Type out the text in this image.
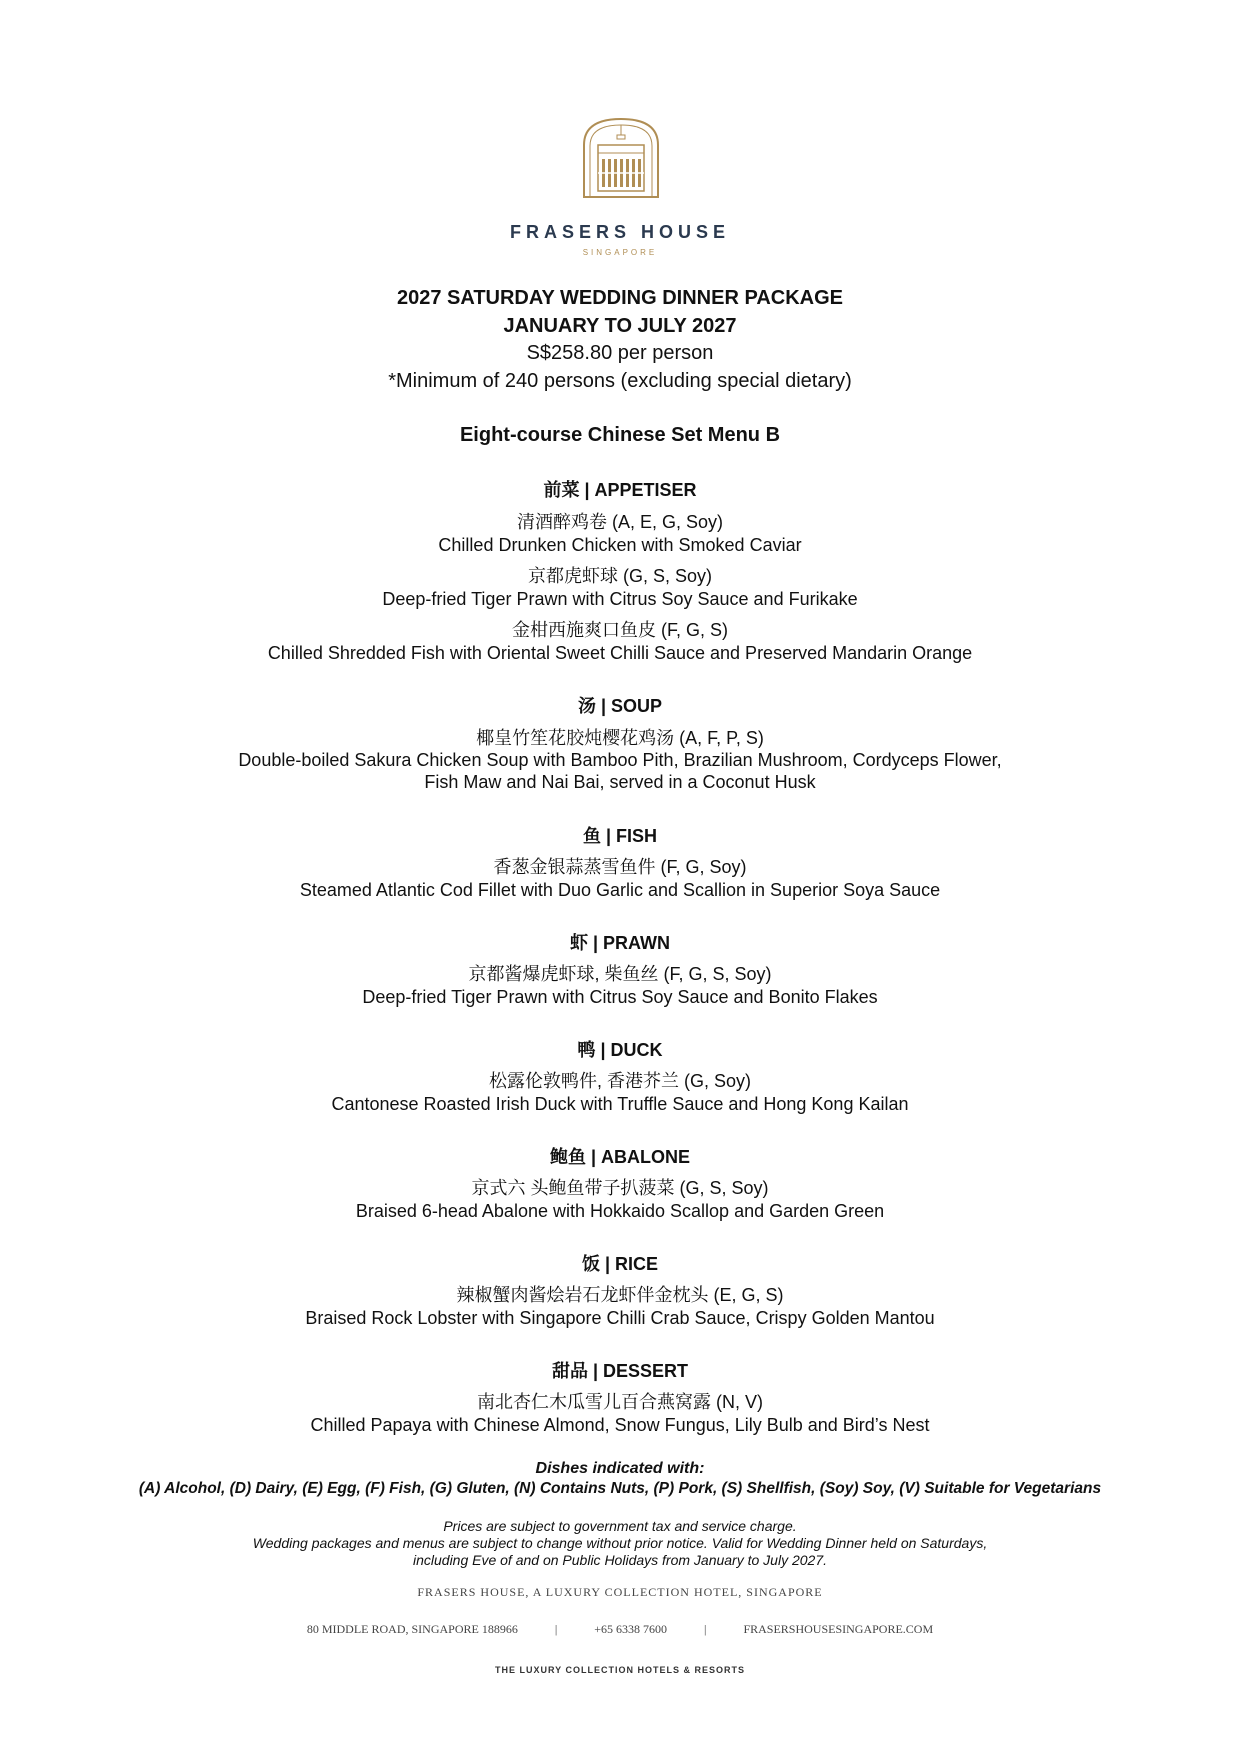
FRASERS HOUSE
SINGAPORE
2027 SATURDAY WEDDING DINNER PACKAGE
JANUARY TO JULY 2027
S$258.80 per person
*Minimum of 240 persons (excluding special dietary)
Eight-course Chinese Set Menu B
前菜 | APPETISER
清酒醉鸡卷 (A, E, G, Soy)
Chilled Drunken Chicken with Smoked Caviar
京都虎虾球 (G, S, Soy)
Deep-fried Tiger Prawn with Citrus Soy Sauce and Furikake
金柑西施爽口鱼皮 (F, G, S)
Chilled Shredded Fish with Oriental Sweet Chilli Sauce and Preserved Mandarin Orange
汤 | SOUP
椰皇竹笙花胶炖樱花鸡汤 (A, F, P, S)
Double-boiled Sakura Chicken Soup with Bamboo Pith, Brazilian Mushroom, Cordyceps Flower,
Fish Maw and Nai Bai, served in a Coconut Husk
鱼 | FISH
香葱金银蒜蒸雪鱼件 (F, G, Soy)
Steamed Atlantic Cod Fillet with Duo Garlic and Scallion in Superior Soya Sauce
虾 | PRAWN
京都酱爆虎虾球, 柴鱼丝 (F, G, S, Soy)
Deep-fried Tiger Prawn with Citrus Soy Sauce and Bonito Flakes
鸭 | DUCK
松露伦敦鸭件, 香港芥兰 (G, Soy)
Cantonese Roasted Irish Duck with Truffle Sauce and Hong Kong Kailan
鲍鱼 | ABALONE
京式六 头鲍鱼带子扒菠菜 (G, S, Soy)
Braised 6-head Abalone with Hokkaido Scallop and Garden Green
饭 | RICE
辣椒蟹肉酱烩岩石龙虾伴金枕头 (E, G, S)
Braised Rock Lobster with Singapore Chilli Crab Sauce, Crispy Golden Mantou
甜品 | DESSERT
南北杏仁木瓜雪儿百合燕窝露 (N, V)
Chilled Papaya with Chinese Almond, Snow Fungus, Lily Bulb and Bird’s Nest
Dishes indicated with:
(A) Alcohol, (D) Dairy, (E) Egg, (F) Fish, (G) Gluten, (N) Contains Nuts, (P) Pork, (S) Shellfish, (Soy) Soy, (V) Suitable for Vegetarians
Prices are subject to government tax and service charge.
Wedding packages and menus are subject to change without prior notice. Valid for Wedding Dinner held on Saturdays,
including Eve of and on Public Holidays from January to July 2027.
FRASERS HOUSE, A LUXURY COLLECTION HOTEL, SINGAPORE
80 MIDDLE ROAD, SINGAPORE 188966	|	+65 6338 7600	|	FRASERSHOUSESINGAPORE.COM
THE LUXURY COLLECTION HOTELS & RESORTS
